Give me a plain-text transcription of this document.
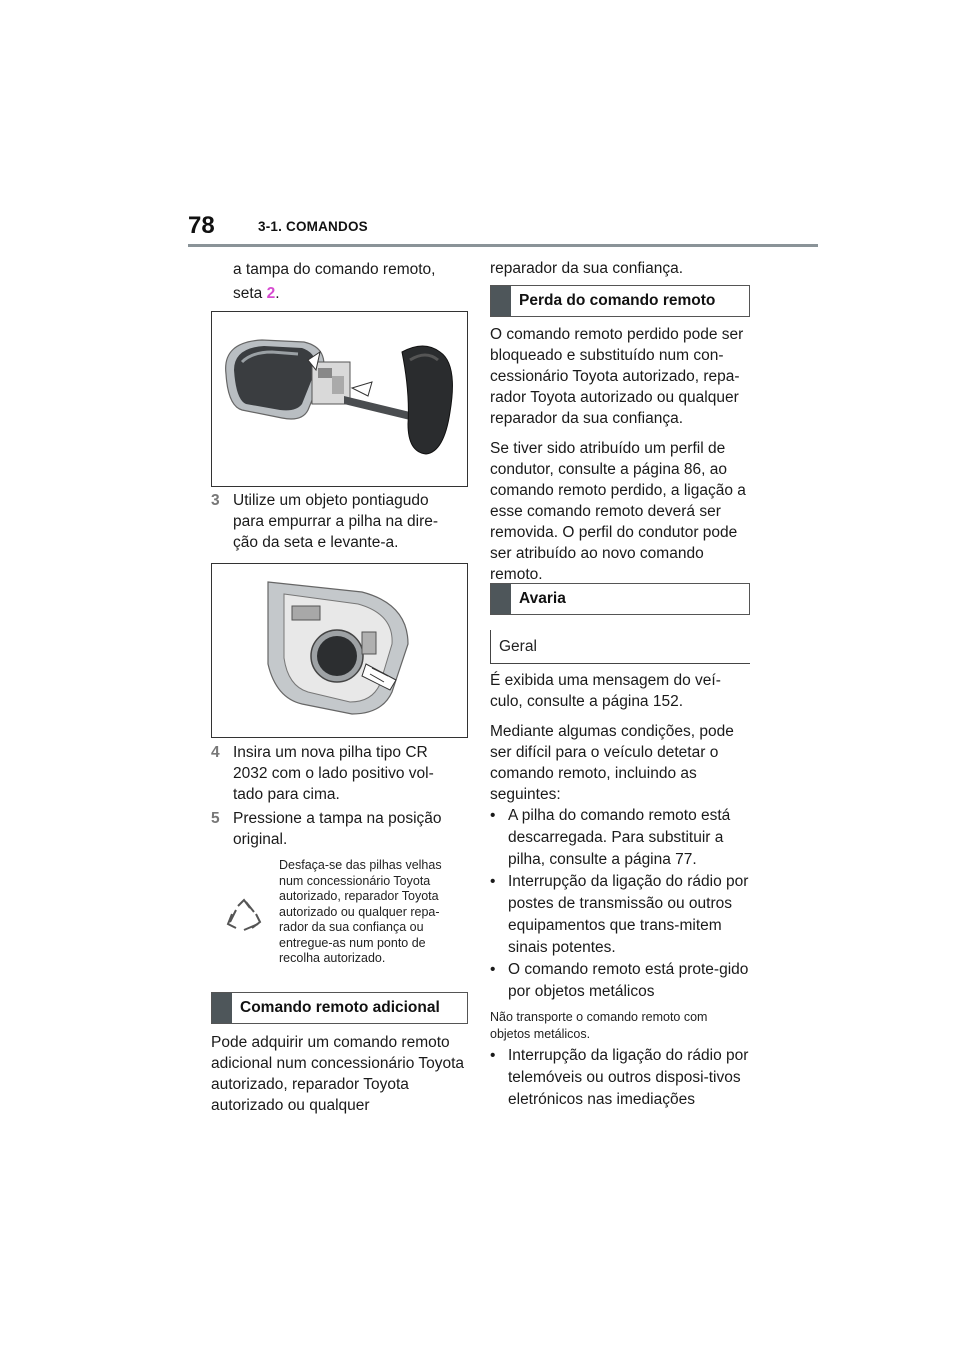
78	3-1. COMANDOS

a tampa do comando remoto,
seta 2.

3 Utilize um objeto pontiagudo para empurrar a pilha na dire-ção da seta e levante-a.

4 Insira um nova pilha tipo CR 2032 com o lado positivo vol-tado para cima.

5 Pressione a tampa na posição original.

Desfaça-se das pilhas velhas num concessionário Toyota autorizado, reparador Toyota autorizado ou qualquer repa-rador da sua confiança ou entregue-as num ponto de recolha autorizado.
Comando remoto adicional

Pode adquirir um comando remoto adicional num concessionário Toyota autorizado, reparador Toyota autorizado ou qualquer

reparador da sua confiança.

Perda do comando remoto

O comando remoto perdido pode ser bloqueado e substituído num con-cessionário Toyota autorizado, repa-rador Toyota autorizado ou qualquer reparador da sua confiança.

Se tiver sido atribuído um perfil de condutor, consulte a página 86, ao comando remoto perdido, a ligação a esse comando remoto deverá ser removida. O perfil do condutor pode ser atribuído ao novo comando remoto.

Avaria
Geral

É exibida uma mensagem do veí-culo, consulte a página 152.

Mediante algumas condições, pode ser difícil para o veículo detetar o comando remoto, incluindo as seguintes:

• A pilha do comando remoto está descarregada. Para substituir a pilha, consulte a página 77.
• Interrupção da ligação do rádio por postes de transmissão ou outros equipamentos que trans-mitem sinais potentes.
• O comando remoto está prote-gido por objetos metálicos

Não transporte o comando remoto com objetos metálicos.

• Interrupção da ligação do rádio por telemóveis ou outros disposi-tivos eletrónicos nas imediações
